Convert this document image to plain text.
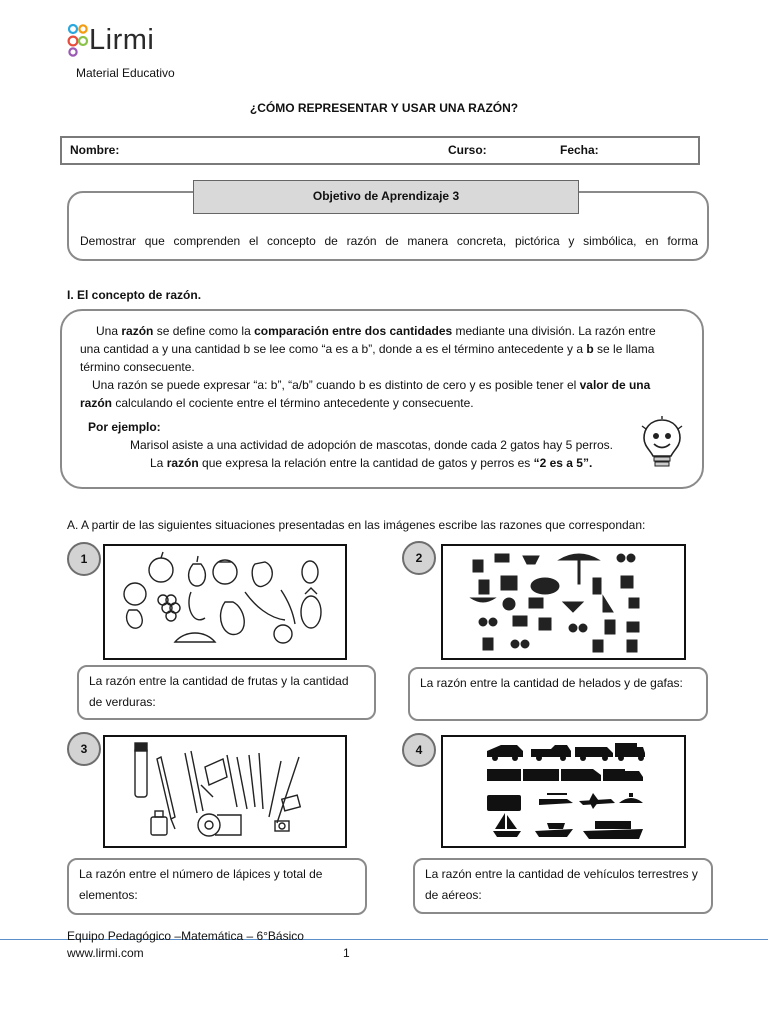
Lirmi
Material Educativo
¿CÓMO REPRESENTAR Y USAR UNA RAZÓN?
Nombre:	Curso:	Fecha:
Objetivo de Aprendizaje 3
Demostrar que comprenden el concepto de razón de manera concreta, pictórica y simbólica, en forma
I. El concepto de razón.
Una razón se define como la comparación entre dos cantidades mediante una división. La razón entre
una cantidad a y una cantidad b se lee como “a es a b”, donde a es el término antecedente y a b se le llama
término consecuente.
Una razón se puede expresar “a: b”, “a/b” cuando b es distinto de cero y es posible tener el valor de una
razón calculando el cociente entre el término antecedente y consecuente.
Por ejemplo:
Marisol asiste a una actividad de adopción de mascotas, donde cada 2 gatos hay 5 perros.
La razón que expresa la relación entre la cantidad de gatos y perros es “2 es a 5”.
A. A partir de las siguientes situaciones presentadas en las imágenes escribe las razones que correspondan:
1
La razón entre la cantidad de frutas y la cantidad de verduras:
2
La razón entre la cantidad de helados y de gafas:
3
La razón entre el número de lápices y total de elementos:
4
La razón entre la cantidad de vehículos terrestres y de aéreos:
Equipo Pedagógico –Matemática – 6°Básico
www.lirmi.com	1
